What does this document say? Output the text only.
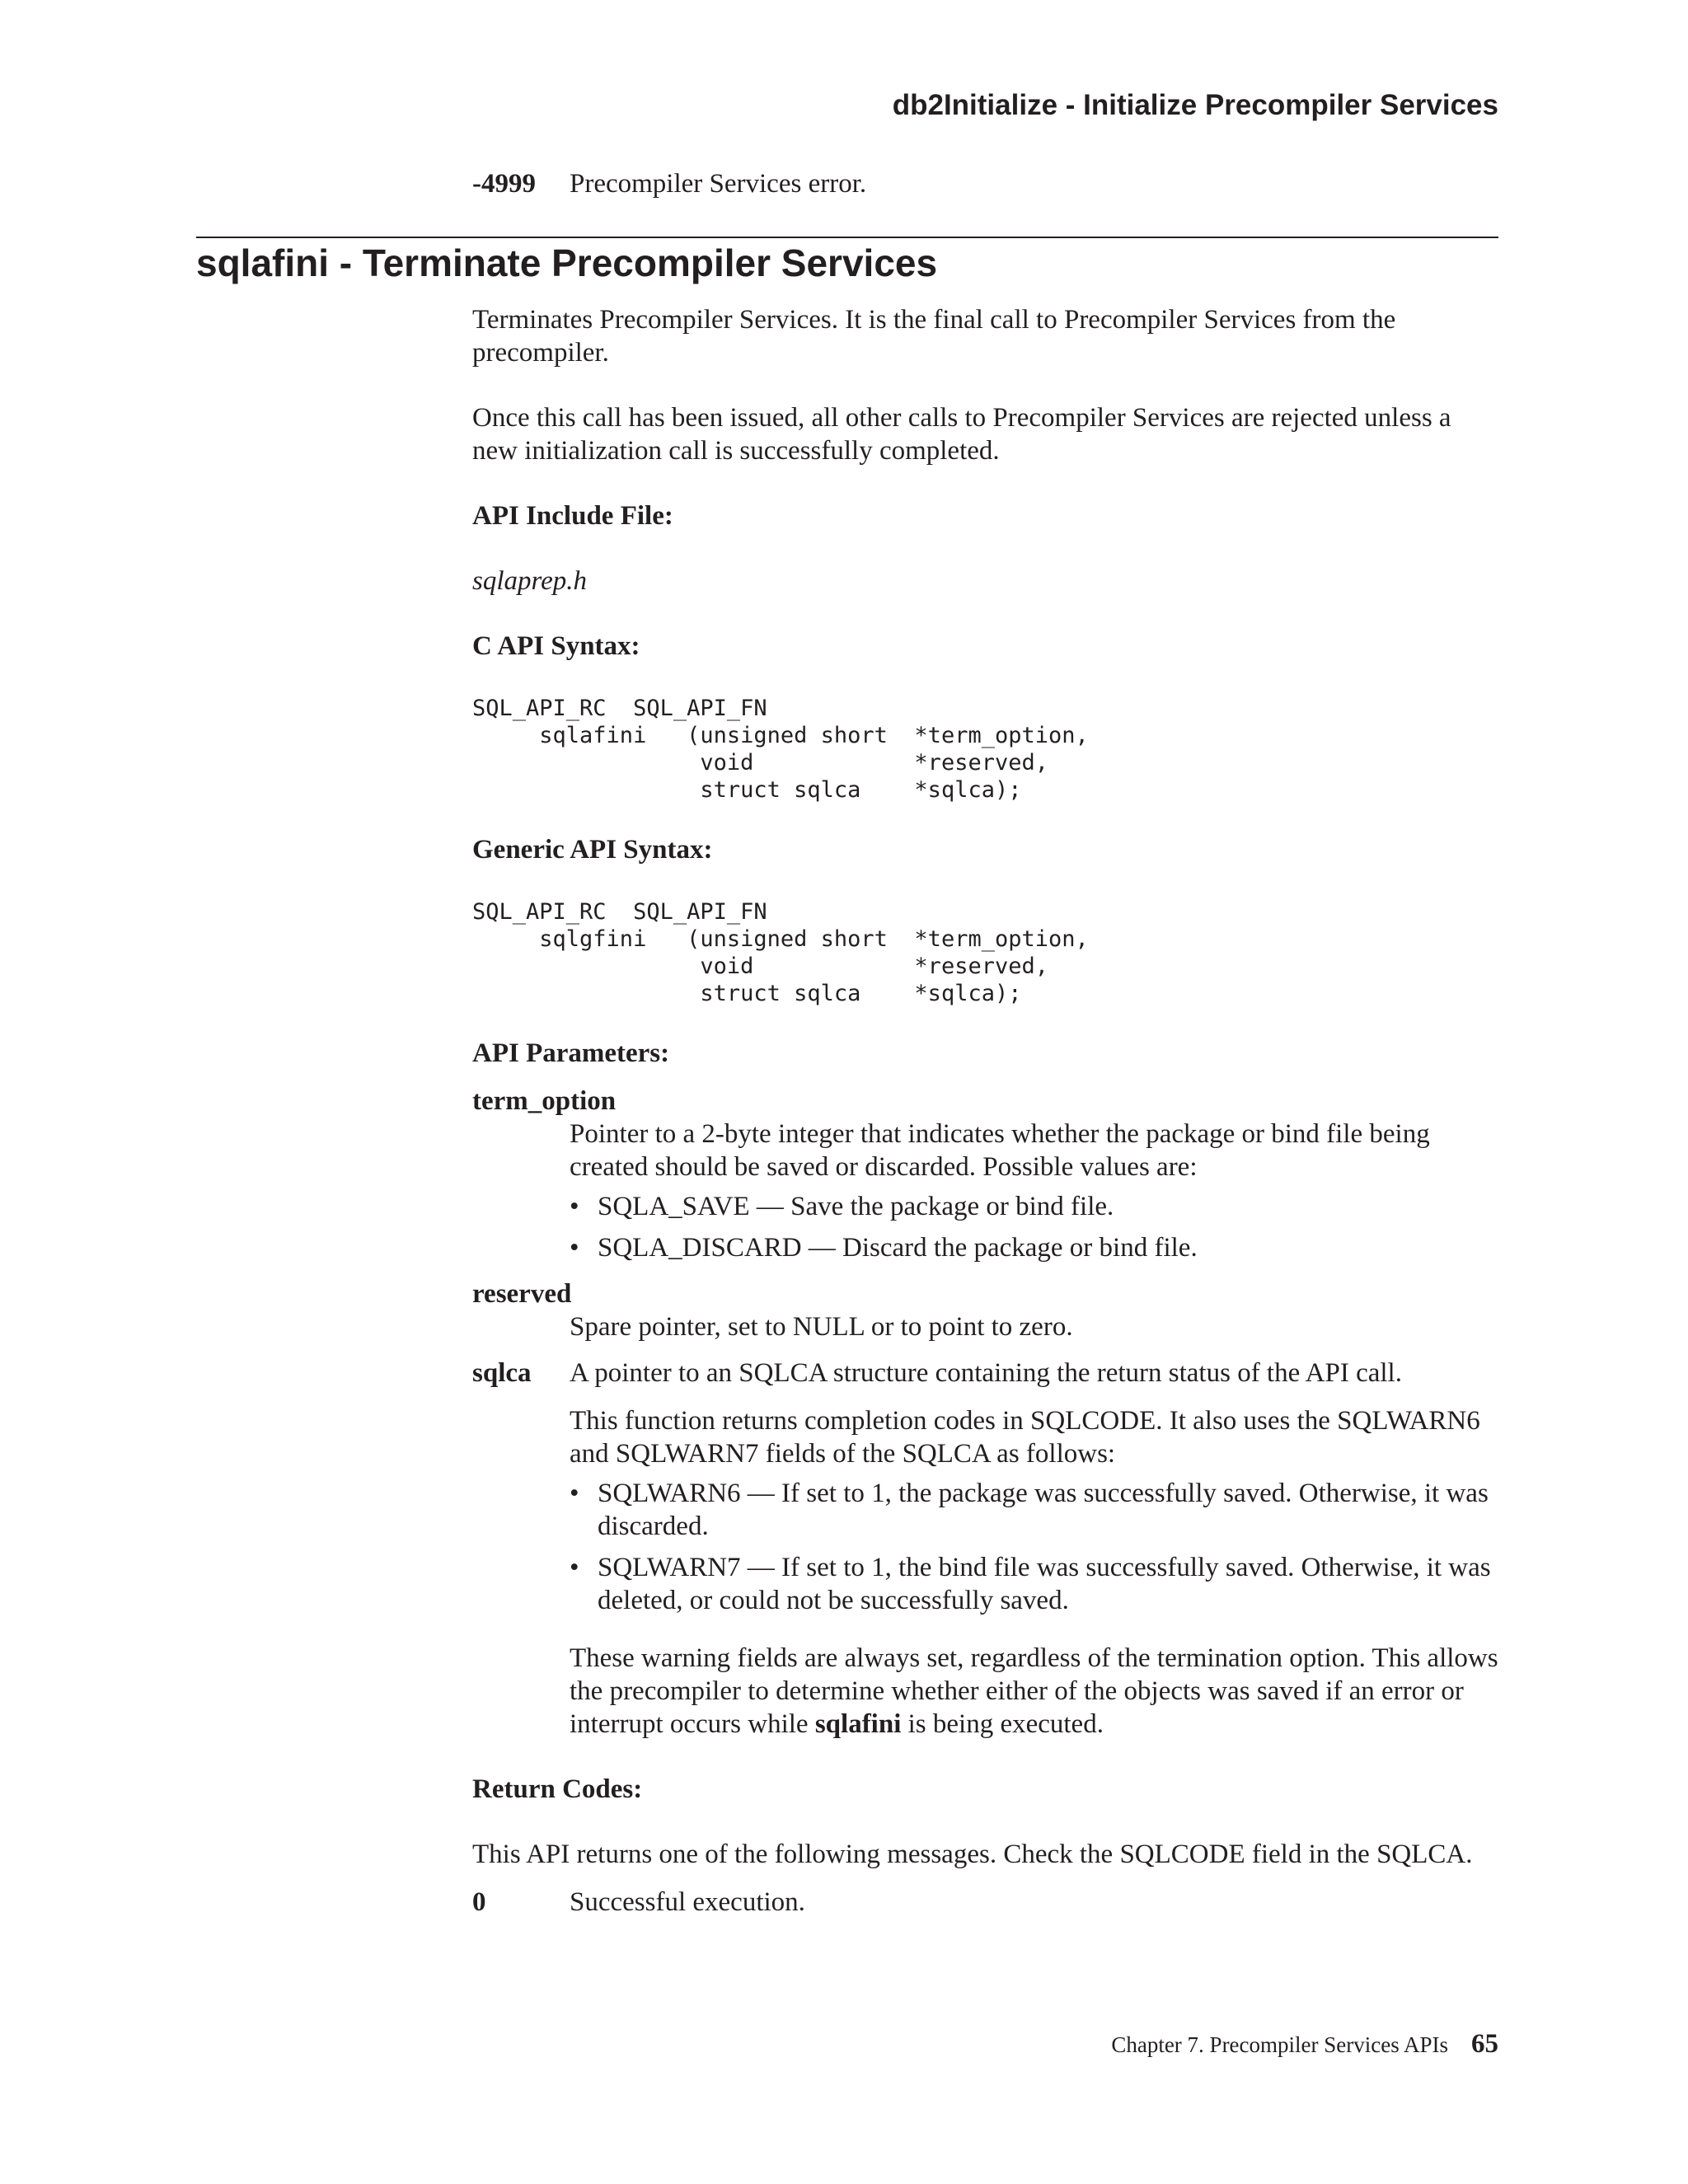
db2Initialize - Initialize Precompiler Services
-4999 Precompiler Services error.
sqlafini - Terminate Precompiler Services

Terminates Precompiler Services. It is the final call to Precompiler Services from the precompiler.

Once this call has been issued, all other calls to Precompiler Services are rejected unless a new initialization call is successfully completed.

API Include File:

sqlaprep.h

C API Syntax:

SQL_API_RC  SQL_API_FN
sqlafini   (unsigned short  *term_option,
void            *reserved,
struct sqlca    *sqlca);

Generic API Syntax:

SQL_API_RC  SQL_API_FN
sqlgfini   (unsigned short  *term_option,
void            *reserved,
struct sqlca    *sqlca);

API Parameters:

term_option

Pointer to a 2-byte integer that indicates whether the package or bind file being created should be saved or discarded. Possible values are:

• SQLA_SAVE — Save the package or bind file.
• SQLA_DISCARD — Discard the package or bind file.
reserved
Spare pointer, set to NULL or to point to zero.
sqlca	A pointer to an SQLCA structure containing the return status of the API call.

This function returns completion codes in SQLCODE. It also uses the SQLWARN6 and SQLWARN7 fields of the SQLCA as follows:

• SQLWARN6 — If set to 1, the package was successfully saved. Otherwise, it was discarded.
• SQLWARN7 — If set to 1, the bind file was successfully saved. Otherwise, it was deleted, or could not be successfully saved.

These warning fields are always set, regardless of the termination option. This allows the precompiler to determine whether either of the objects was saved if an error or interrupt occurs while sqlafini is being executed.

Return Codes:

This API returns one of the following messages. Check the SQLCODE field in the SQLCA.

0	Successful execution.
Chapter 7. Precompiler Services APIs 65
